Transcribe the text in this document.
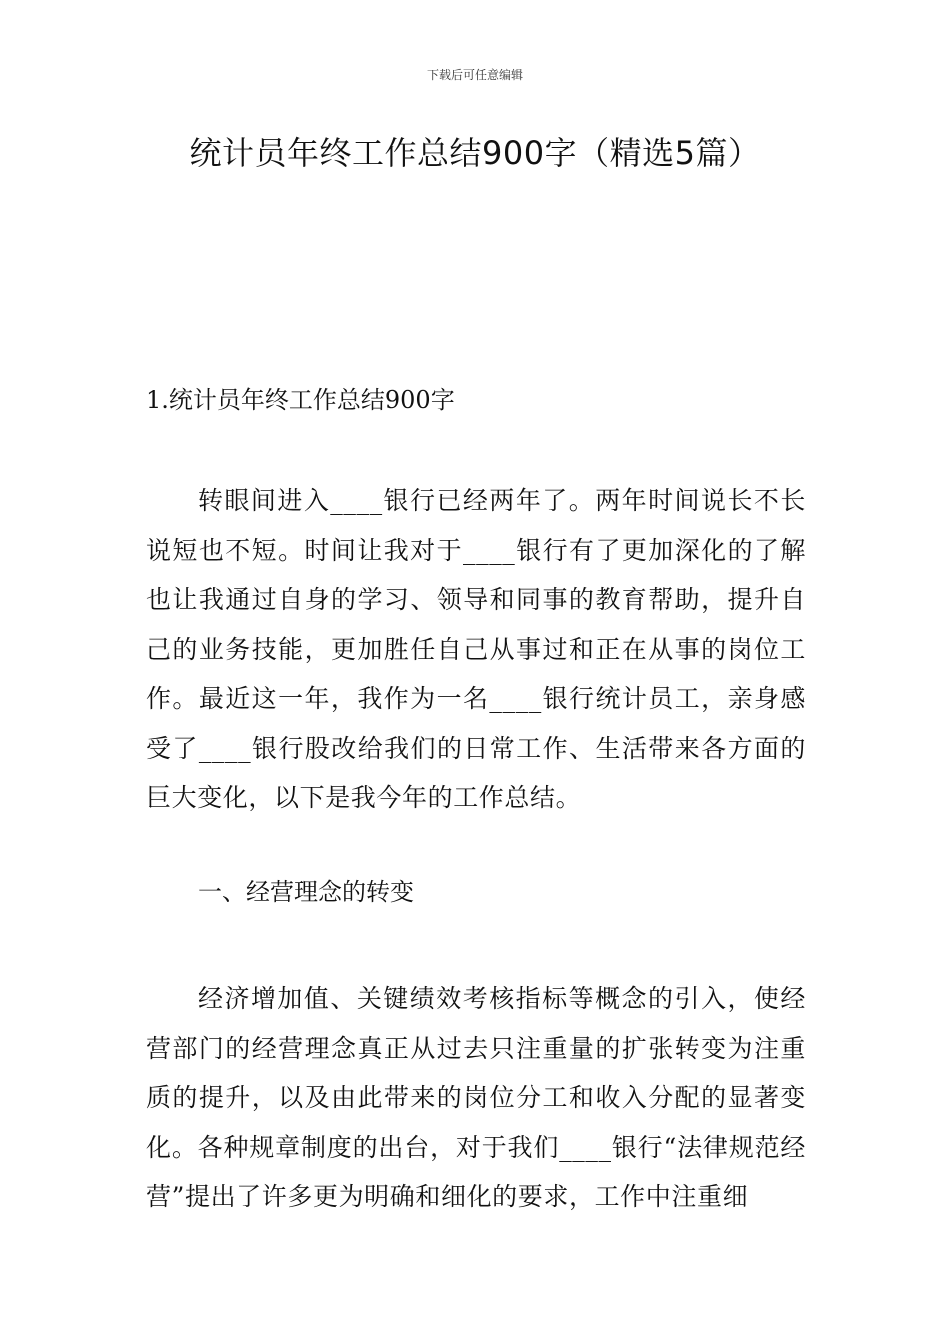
下载后可任意编辑
统计员年终工作总结900字（精选5篇）
1.统计员年终工作总结900字

转眼间进入____银行已经两年了。两年时间说长不长说短也不短。时间让我对于____银行有了更加深化的了解也让我通过自身的学习、领导和同事的教育帮助，提升自己的业务技能，更加胜任自己从事过和正在从事的岗位工作。最近这一年，我作为一名____银行统计员工，亲身感受了____银行股改给我们的日常工作、生活带来各方面的巨大变化，以下是我今年的工作总结。

一、经营理念的转变

经济增加值、关键绩效考核指标等概念的引入，使经营部门的经营理念真正从过去只注重量的扩张转变为注重质的提升，以及由此带来的岗位分工和收入分配的显著变化。各种规章制度的出台，对于我们____银行“法律规范经营”提出了许多更为明确和细化的要求，工作中注重细
